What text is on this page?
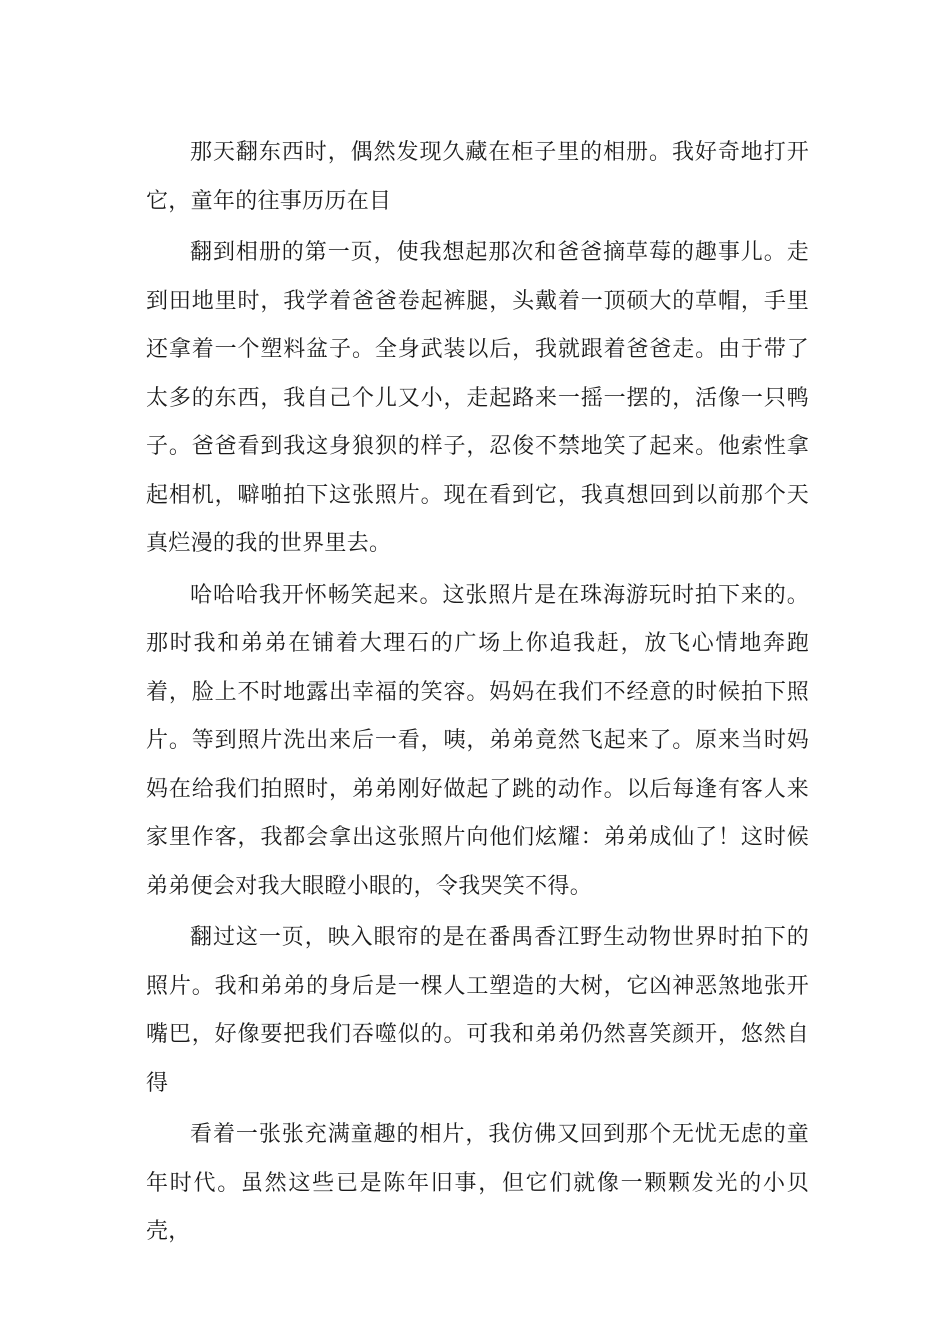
那天翻东西时，偶然发现久藏在柜子里的相册。我好奇地打开它，童年的往事历历在目

翻到相册的第一页，使我想起那次和爸爸摘草莓的趣事儿。走到田地里时，我学着爸爸卷起裤腿，头戴着一顶硕大的草帽，手里还拿着一个塑料盆子。全身武装以后，我就跟着爸爸走。由于带了太多的东西，我自己个儿又小，走起路来一摇一摆的，活像一只鸭子。爸爸看到我这身狼狈的样子，忍俊不禁地笑了起来。他索性拿起相机，噼啪拍下这张照片。现在看到它，我真想回到以前那个天真烂漫的我的世界里去。

哈哈哈我开怀畅笑起来。这张照片是在珠海游玩时拍下来的。那时我和弟弟在铺着大理石的广场上你追我赶，放飞心情地奔跑着，脸上不时地露出幸福的笑容。妈妈在我们不经意的时候拍下照片。等到照片洗出来后一看，咦，弟弟竟然飞起来了。原来当时妈妈在给我们拍照时，弟弟刚好做起了跳的动作。以后每逢有客人来家里作客，我都会拿出这张照片向他们炫耀：弟弟成仙了！这时候弟弟便会对我大眼瞪小眼的，令我哭笑不得。

翻过这一页，映入眼帘的是在番禺香江野生动物世界时拍下的照片。我和弟弟的身后是一棵人工塑造的大树，它凶神恶煞地张开嘴巴，好像要把我们吞噬似的。可我和弟弟仍然喜笑颜开，悠然自得

看着一张张充满童趣的相片，我仿佛又回到那个无忧无虑的童年时代。虽然这些已是陈年旧事，但它们就像一颗颗发光的小贝壳，
